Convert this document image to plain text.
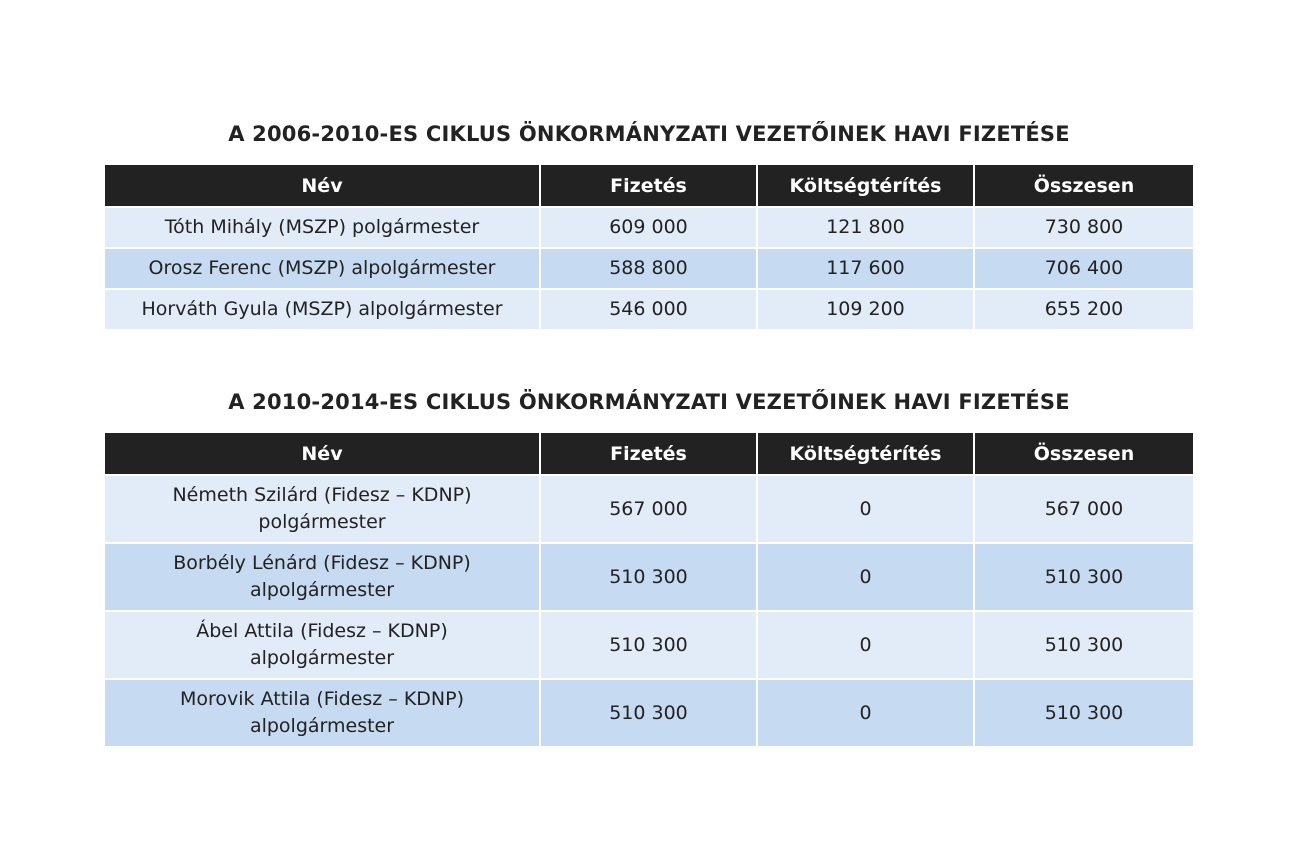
A 2006-2010-ES CIKLUS ÖNKORMÁNYZATI VEZETŐINEK HAVI FIZETÉSE
Név	Fizetés	Költségtérítés	Összesen
Tóth Mihály (MSZP) polgármester	609 000	121 800	730 800
Orosz Ferenc (MSZP) alpolgármester	588 800	117 600	706 400
Horváth Gyula (MSZP) alpolgármester	546 000	109 200	655 200
A 2010-2014-ES CIKLUS ÖNKORMÁNYZATI VEZETŐINEK HAVI FIZETÉSE
Név	Fizetés	Költségtérítés	Összesen

Németh Szilárd (Fidesz – KDNP)
polgármester	567 000	0	567 000

Borbély Lénárd (Fidesz – KDNP)
alpolgármester	510 300	0	510 300

Ábel Attila (Fidesz – KDNP)
alpolgármester	510 300	0	510 300

Morovik Attila (Fidesz – KDNP)
alpolgármester	510 300	0	510 300
